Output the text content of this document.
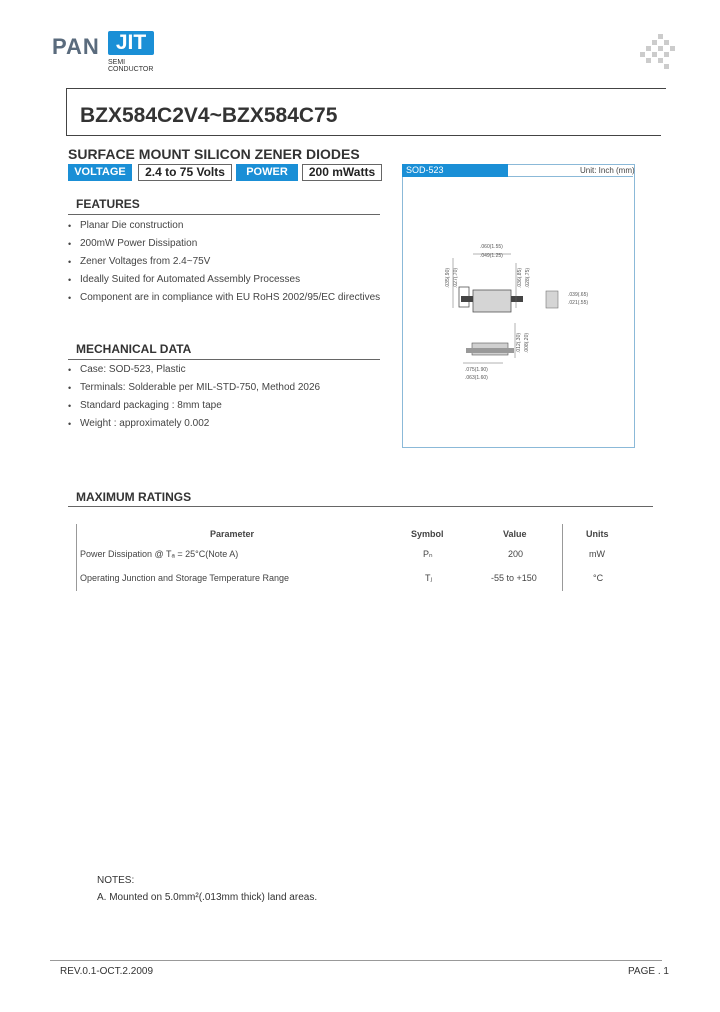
PAN JIT
SEMI
CONDUCTOR
BZX584C2V4~BZX584C75
SURFACE MOUNT SILICON ZENER DIODES
VOLTAGE	2.4 to 75 Volts	POWER	200 mWatts
FEATURES
• Planar Die construction
• 200mW Power Dissipation
• Zener Voltages from 2.4~75V
• Ideally Suited for Automated Assembly Processes
• Component are in compliance with EU RoHS 2002/95/EC directives
MECHANICAL DATA
• Case: SOD-523, Plastic
• Terminals: Solderable per MIL-STD-750, Method 2026
• Standard packaging : 8mm tape
• Weight : approximately 0.002
SOD-523	Unit: Inch (mm)
.060(1.55)
.049(1.25)
.039(.65)
.021(.55)
.075(1.90)
.063(1.60)
.035(.90) .027(.70)	.036(.85) .028(.75)
.012(.30) .008(.20)
MAXIMUM RATINGS
Parameter	Symbol	Value	Units
Power Dissipation @ Tₐ = 25°C(Note A)	Pₙ	200	mW
Operating Junction and Storage Temperature Range	Tⱼ	-55 to +150	°C
NOTES:
A. Mounted on 5.0mm²(.013mm thick) land areas.
REV.0.1-OCT.2.2009	PAGE . 1
